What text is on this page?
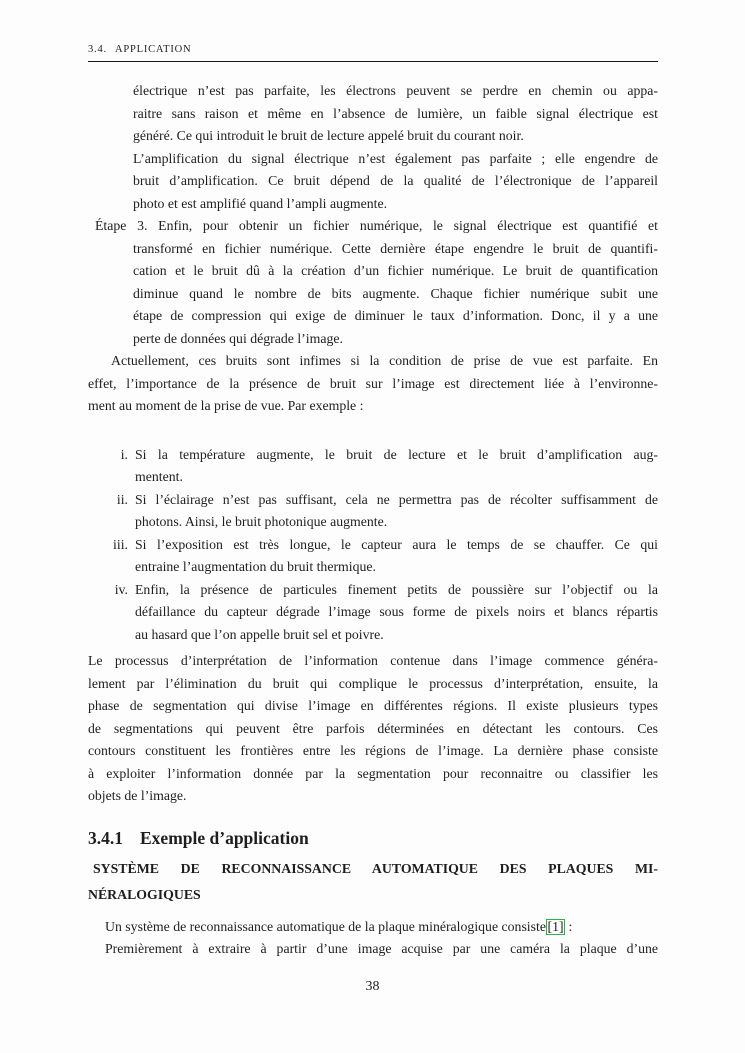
3.4. APPLICATION
électrique n’est pas parfaite, les électrons peuvent se perdre en chemin ou appa-
raitre sans raison et même en l’absence de lumière, un faible signal électrique est
généré. Ce qui introduit le bruit de lecture appelé bruit du courant noir.
L’amplification du signal électrique n’est également pas parfaite ; elle engendre de
bruit d’amplification. Ce bruit dépend de la qualité de l’électronique de l’appareil
photo et est amplifié quand l’ampli augmente.
Étape 3. Enfin, pour obtenir un fichier numérique, le signal électrique est quantifié et
transformé en fichier numérique. Cette dernière étape engendre le bruit de quantifi-
cation et le bruit dû à la création d’un fichier numérique. Le bruit de quantification
diminue quand le nombre de bits augmente. Chaque fichier numérique subit une
étape de compression qui exige de diminuer le taux d’information. Donc, il y a une
perte de données qui dégrade l’image.
Actuellement, ces bruits sont infimes si la condition de prise de vue est parfaite. En
effet, l’importance de la présence de bruit sur l’image est directement liée à l’environne-
ment au moment de la prise de vue. Par exemple :
i. Si la température augmente, le bruit de lecture et le bruit d’amplification aug-
mentent.
ii. Si l’éclairage n’est pas suffisant, cela ne permettra pas de récolter suffisamment de
photons. Ainsi, le bruit photonique augmente.
iii. Si l’exposition est très longue, le capteur aura le temps de se chauffer. Ce qui
entraine l’augmentation du bruit thermique.
iv. Enfin, la présence de particules finement petits de poussière sur l’objectif ou la
défaillance du capteur dégrade l’image sous forme de pixels noirs et blancs répartis
au hasard que l’on appelle bruit sel et poivre.
Le processus d’interprétation de l’information contenue dans l’image commence généra-
lement par l’élimination du bruit qui complique le processus d’interprétation, ensuite, la
phase de segmentation qui divise l’image en différentes régions. Il existe plusieurs types
de segmentations qui peuvent être parfois déterminées en détectant les contours. Ces
contours constituent les frontières entre les régions de l’image. La dernière phase consiste
à exploiter l’information donnée par la segmentation pour reconnaitre ou classifier les
objets de l’image.
3.4.1 Exemple d’application
SYSTÈME DE RECONNAISSANCE AUTOMATIQUE DES PLAQUES MI-
NÉRALOGIQUES
Un système de reconnaissance automatique de la plaque minéralogique consiste [1] :
Premièrement à extraire à partir d’une image acquise par une caméra la plaque d’une
38
